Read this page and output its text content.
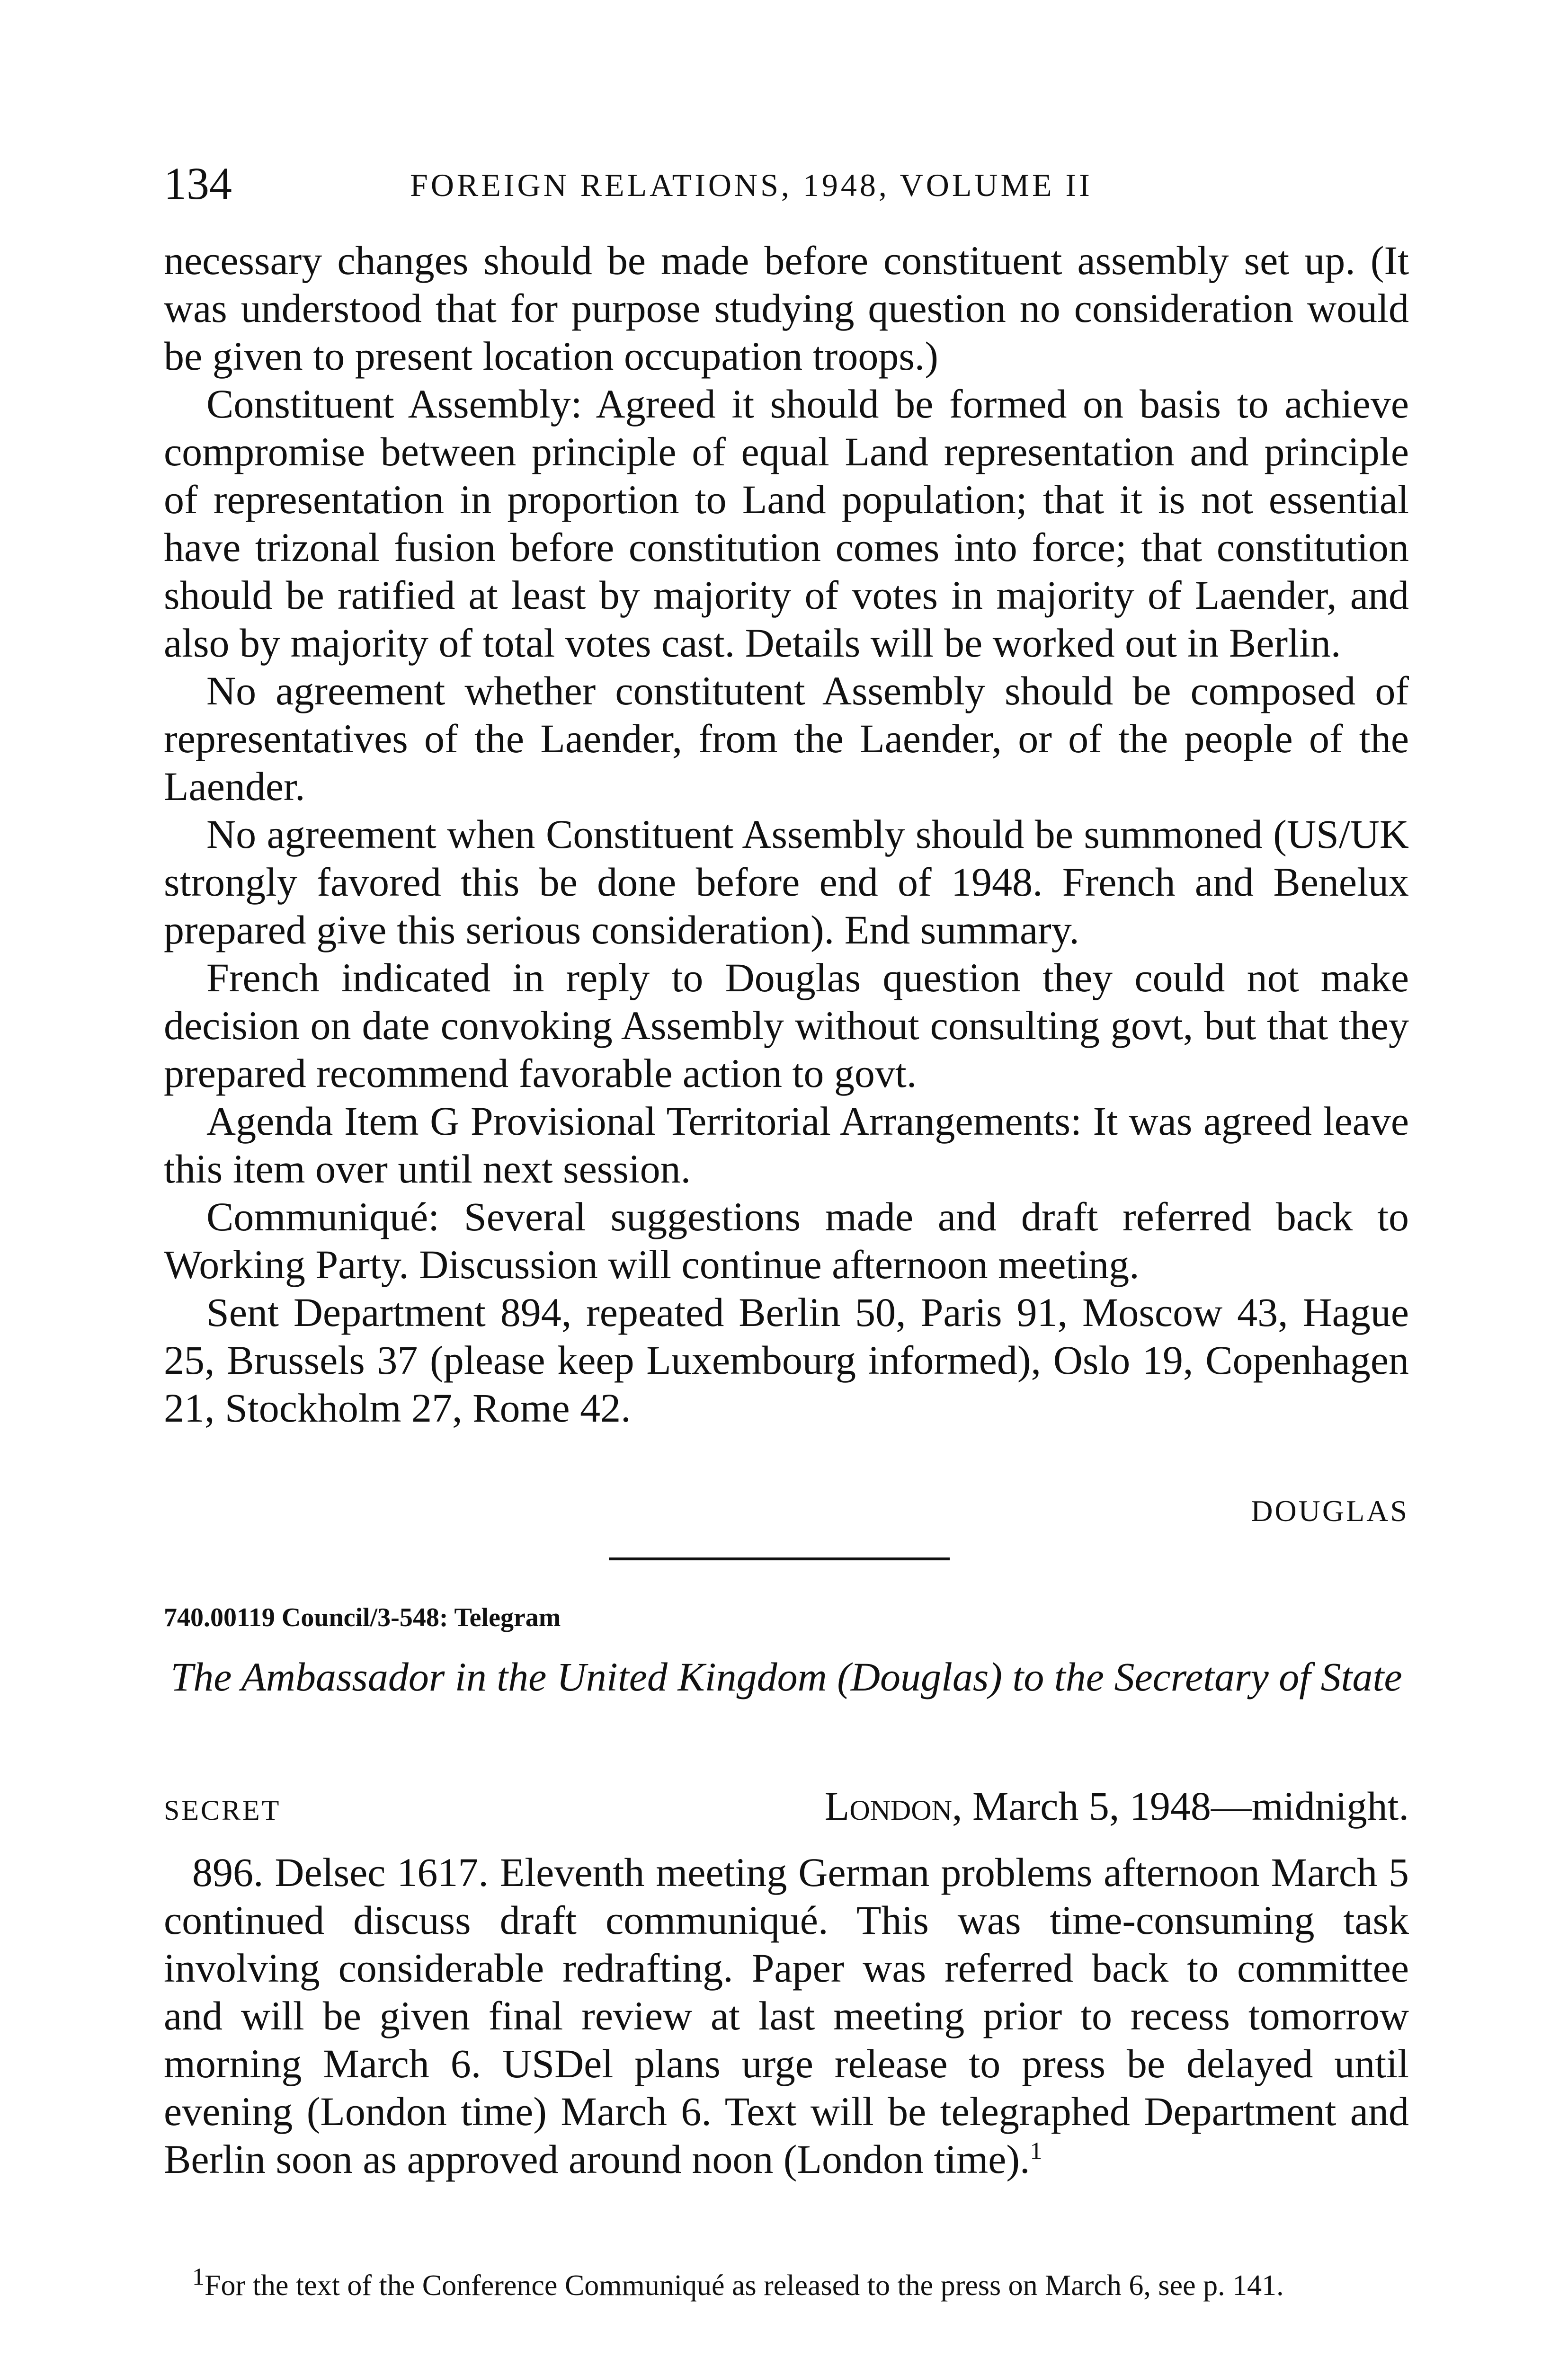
134	FOREIGN RELATIONS, 1948, VOLUME II

necessary changes should be made before constituent assembly set up. (It was understood that for purpose studying question no consideration would be given to present location occupation troops.)

Constituent Assembly: Agreed it should be formed on basis to achieve compromise between principle of equal Land representation and principle of representation in proportion to Land population; that it is not essential have trizonal fusion before constitution comes into force; that constitution should be ratified at least by majority of votes in majority of Laender, and also by majority of total votes cast. Details will be worked out in Berlin.

No agreement whether constitutent Assembly should be composed of representatives of the Laender, from the Laender, or of the people of the Laender.

No agreement when Constituent Assembly should be summoned (US/UK strongly favored this be done before end of 1948. French and Benelux prepared give this serious consideration). End summary.

French indicated in reply to Douglas question they could not make decision on date convoking Assembly without consulting govt, but that they prepared recommend favorable action to govt.

Agenda Item G Provisional Territorial Arrangements: It was agreed leave this item over until next session.

Communiqué: Several suggestions made and draft referred back to Working Party. Discussion will continue afternoon meeting.

Sent Department 894, repeated Berlin 50, Paris 91, Moscow 43, Hague 25, Brussels 37 (please keep Luxembourg informed), Oslo 19, Copenhagen 21, Stockholm 27, Rome 42.

DOUGLAS
740.00119 Council/3-548: Telegram
The Ambassador in the United Kingdom (Douglas) to the Secretary of State
SECRET	London, March 5, 1948—midnight.

896. Delsec 1617. Eleventh meeting German problems afternoon March 5 continued discuss draft communiqué. This was time-consuming task involving considerable redrafting. Paper was referred back to committee and will be given final review at last meeting prior to recess tomorrow morning March 6. USDel plans urge release to press be delayed until evening (London time) March 6. Text will be telegraphed Department and Berlin soon as approved around noon (London time).$^1$

$^1$For the text of the Conference Communiqué as released to the press on March 6, see p. 141.
